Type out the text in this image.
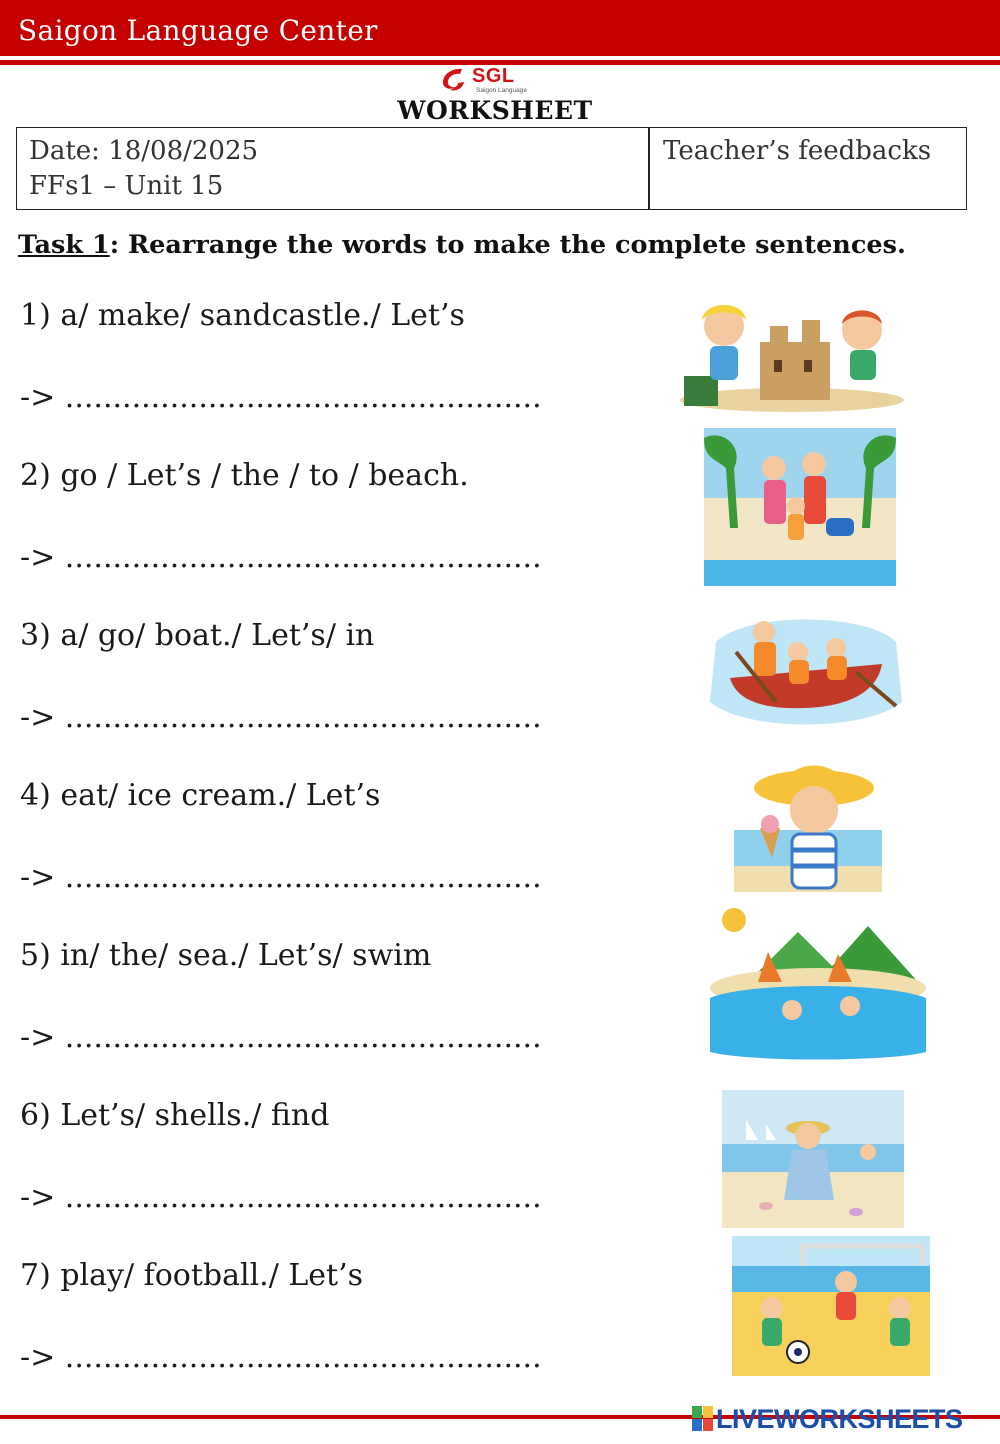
Saigon Language Center
SGL
Saigon Language
WORKSHEET
Date: 18/08/2025
FFs1 – Unit 15
Teacher’s feedbacks
Task 1: Rearrange the words to make the complete sentences.
1) a/ make/ sandcastle./ Let’s
-> ..................................................
2) go / Let’s / the / to / beach.
-> ..................................................
3) a/ go/ boat./ Let’s/ in
-> ..................................................
4) eat/ ice cream./ Let’s
-> ..................................................
5) in/ the/ sea./ Let’s/ swim
-> ..................................................
6) Let’s/ shells./ find
-> ..................................................
7) play/ football./ Let’s
-> ..................................................
LIVEWORKSHEETS
